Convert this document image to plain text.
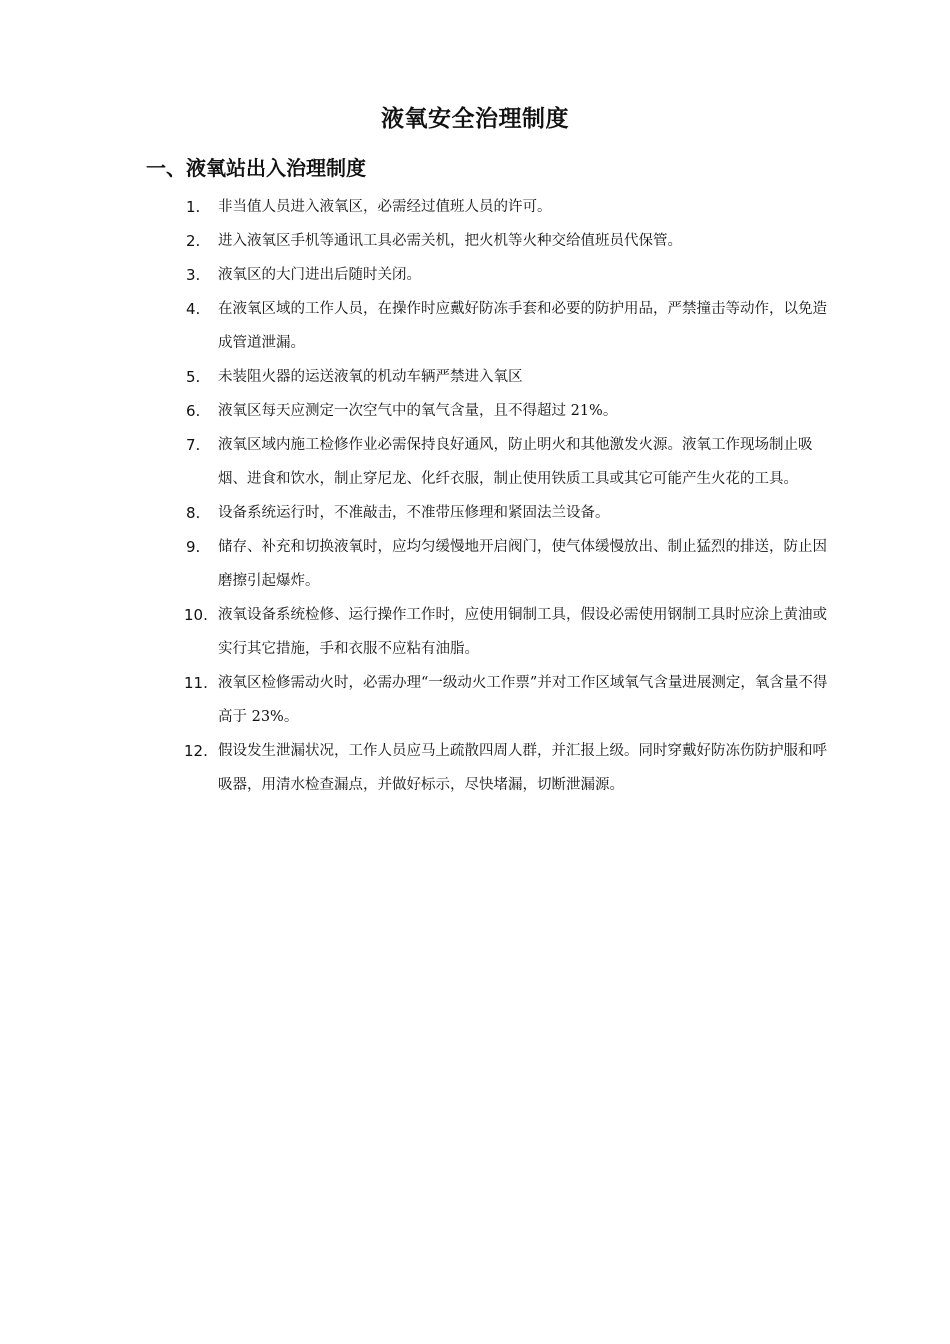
液氧安全治理制度
一、液氧站出入治理制度
1.	非当值人员进入液氧区，必需经过值班人员的许可。
2.	进入液氧区手机等通讯工具必需关机，把火机等火种交给值班员代保管。
3.	液氧区的大门进出后随时关闭。
4.	在液氧区域的工作人员，在操作时应戴好防冻手套和必要的防护用品，严禁撞击等动作，以免造成管道泄漏。
5.	未装阻火器的运送液氧的机动车辆严禁进入氧区
6.	液氧区每天应测定一次空气中的氧气含量，且不得超过 21%。
7.	液氧区域内施工检修作业必需保持良好通风，防止明火和其他激发火源。液氧工作现场制止吸烟、进食和饮水，制止穿尼龙、化纤衣服，制止使用铁质工具或其它可能产生火花的工具。
8.	设备系统运行时，不准敲击，不准带压修理和紧固法兰设备。
9.	储存、补充和切换液氧时，应均匀缓慢地开启阀门，使气体缓慢放出、制止猛烈的排送，防止因磨擦引起爆炸。
10. 液氧设备系统检修、运行操作工作时，应使用铜制工具，假设必需使用钢制工具时应涂上黄油或实行其它措施，手和衣服不应粘有油脂。
11. 液氧区检修需动火时，必需办理“一级动火工作票”并对工作区域氧气含量进展测定，氧含量不得高于 23%。
12. 假设发生泄漏状况，工作人员应马上疏散四周人群，并汇报上级。同时穿戴好防冻伤防护服和呼吸器，用清水检查漏点，并做好标示，尽快堵漏，切断泄漏源。
